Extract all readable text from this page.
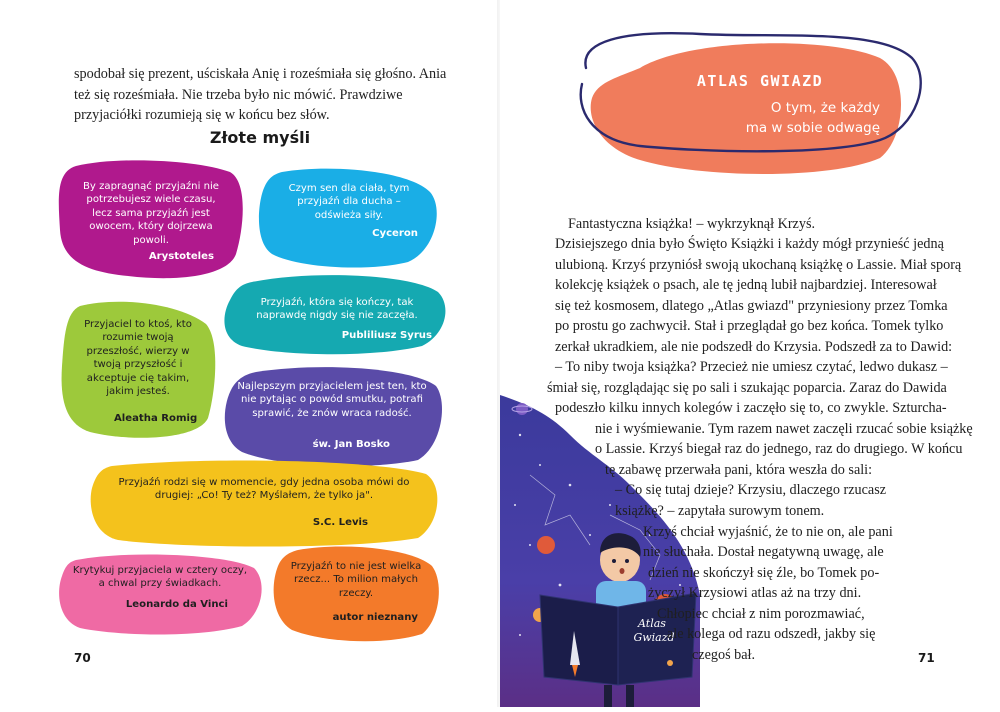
spodobał się prezent, uściskała Anię i roześmiała się głośno. Ania też się roześmiała. Nie trzeba było nic mówić. Prawdziwe przyjaciółki rozumieją się w końcu bez słów.
Złote myśli
By zapragnąć przyjaźni nie potrzebujesz wiele czasu, lecz sama przyjaźń jest owocem, który dojrzewa powoli.
Arystoteles
Czym sen dla ciała, tym przyjaźń dla ducha – odświeża siły.
Cyceron
Przyjaźń, która się kończy, tak naprawdę nigdy się nie zaczęła.
Publiliusz Syrus
Przyjaciel to ktoś, kto rozumie twoją przeszłość, wierzy w twoją przyszłość i akceptuje cię takim, jakim jesteś.
Aleatha Romig
Najlepszym przyjacielem jest ten, kto nie pytając o powód smutku, potrafi sprawić, że znów wraca radość.
św. Jan Bosko
Przyjaźń rodzi się w momencie, gdy jedna osoba mówi do drugiej: „Co! Ty też? Myślałem, że tylko ja".
S.C. Levis
Krytykuj przyjaciela w cztery oczy, a chwal przy świadkach.
Leonardo da Vinci
Przyjaźń to nie jest wielka rzecz... To milion małych rzeczy.
autor nieznany
70
ATLAS GWIAZD
O tym, że każdy
ma w sobie odwagę
Atlas
Gwiazd
Fantastyczna książka! – wykrzyknął Krzyś.
Dzisiejszego dnia było Święto Książki i każdy mógł przynieść jedną
ulubioną. Krzyś przyniósł swoją ukochaną książkę o Lassie. Miał sporą
kolekcję książek o psach, ale tę jedną lubił najbardziej. Interesował
się też kosmosem, dlatego „Atlas gwiazd" przyniesiony przez Tomka
po prostu go zachwycił. Stał i przeglądał go bez końca. Tomek tylko
zerkał ukradkiem, ale nie podszedł do Krzysia. Podszedł za to Dawid:
– To niby twoja książka? Przecież nie umiesz czytać, ledwo dukasz –
śmiał się, rozglądając się po sali i szukając poparcia. Zaraz do Dawida
podeszło kilku innych kolegów i zaczęło się to, co zwykle. Szturcha-
nie i wyśmiewanie. Tym razem nawet zaczęli rzucać sobie książkę
o Lassie. Krzyś biegał raz do jednego, raz do drugiego. W końcu
tę zabawę przerwała pani, która weszła do sali:
– Co się tutaj dzieje? Krzysiu, dlaczego rzucasz
książkę? – zapytała surowym tonem.
Krzyś chciał wyjaśnić, że to nie on, ale pani
nie słuchała. Dostał negatywną uwagę, ale
dzień nie skończył się źle, bo Tomek po-
życzył Krzysiowi atlas aż na trzy dni.
Chłopiec chciał z nim porozmawiać,
ale kolega od razu odszedł, jakby się
czegoś bał.	71
